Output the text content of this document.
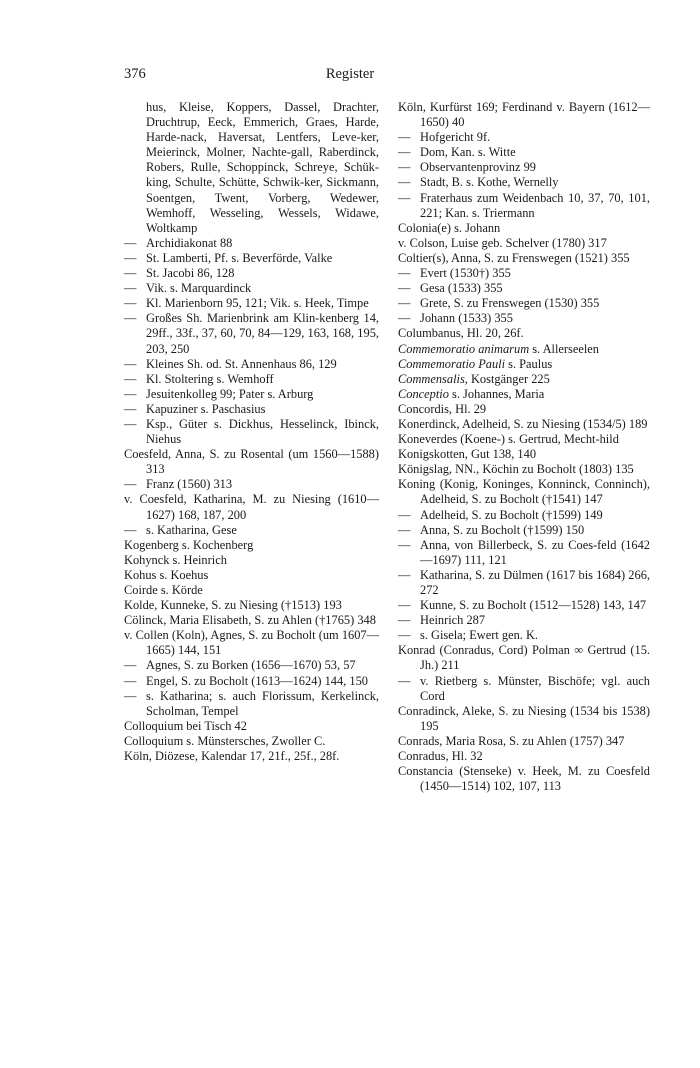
376	Register
hus, Kleise, Koppers, Dassel, Drachter, Druchtrup, Eeck, Emmerich, Graes, Harde, Harde-nack, Haversat, Lentfers, Leve-ker, Meierinck, Molner, Nachte-gall, Raberdinck, Robers, Rulle, Schoppinck, Schreye, Schük-king, Schulte, Schütte, Schwik-ker, Sickmann, Soentgen, Twent, Vorberg, Wedewer, Wemhoff, Wesseling, Wessels, Widawe, Woltkamp
— Archidiakonat 88
— St. Lamberti, Pf. s. Beverförde, Valke
— St. Jacobi 86, 128
— Vik. s. Marquardinck
— Kl. Marienborn 95, 121; Vik. s. Heek, Timpe
— Großes Sh. Marienbrink am Klin-kenberg 14, 29ff., 33f., 37, 60, 70, 84—129, 163, 168, 195, 203, 250
— Kleines Sh. od. St. Annenhaus 86, 129
— Kl. Stoltering s. Wemhoff
— Jesuitenkolleg 99; Pater s. Arburg
— Kapuziner s. Paschasius
— Ksp., Güter s. Dickhus, Hesselinck, Ibinck, Niehus
Coesfeld, Anna, S. zu Rosental (um 1560—1588) 313
— Franz (1560) 313
v. Coesfeld, Katharina, M. zu Niesing (1610—1627) 168, 187, 200
— s. Katharina, Gese
Kogenberg s. Kochenberg
Kohynck s. Heinrich
Kohus s. Koehus
Coirde s. Körde
Kolde, Kunneke, S. zu Niesing (†1513) 193
Cölinck, Maria Elisabeth, S. zu Ahlen (†1765) 348
v. Collen (Koln), Agnes, S. zu Bocholt (um 1607—1665) 144, 151
— Agnes, S. zu Borken (1656—1670) 53, 57
— Engel, S. zu Bocholt (1613—1624) 144, 150
— s. Katharina; s. auch Florissum, Kerkelinck, Scholman, Tempel
Colloquium bei Tisch 42
Colloquium s. Münstersches, Zwoller C.
Köln, Diözese, Kalendar 17, 21f., 25f., 28f.
Köln, Kurfürst 169; Ferdinand v. Bayern (1612—1650) 40
— Hofgericht 9f.
— Dom, Kan. s. Witte
— Observantenprovinz 99
— Stadt, B. s. Kothe, Wernelly
— Fraterhaus zum Weidenbach 10, 37, 70, 101, 221; Kan. s. Triermann
Colonia(e) s. Johann
v. Colson, Luise geb. Schelver (1780) 317
Coltier(s), Anna, S. zu Frenswegen (1521) 355
— Evert (1530†) 355
— Gesa (1533) 355
— Grete, S. zu Frenswegen (1530) 355
— Johann (1533) 355
Columbanus, Hl. 20, 26f.
Commemoratio animarum s. Allerseelen
Commemoratio Pauli s. Paulus
Commensalis, Kostgänger 225
Conceptio s. Johannes, Maria
Concordis, Hl. 29
Konerdinck, Adelheid, S. zu Niesing (1534/5) 189
Koneverdes (Koene-) s. Gertrud, Mecht-hild
Konigskotten, Gut 138, 140
Königslag, NN., Köchin zu Bocholt (1803) 135
Koning (Konig, Koninges, Konninck, Conninch), Adelheid, S. zu Bocholt (†1541) 147
— Adelheid, S. zu Bocholt (†1599) 149
— Anna, S. zu Bocholt (†1599) 150
— Anna, von Billerbeck, S. zu Coes-feld (1642—1697) 111, 121
— Katharina, S. zu Dülmen (1617 bis 1684) 266, 272
— Kunne, S. zu Bocholt (1512—1528) 143, 147
— Heinrich 287
— s. Gisela; Ewert gen. K.
Konrad (Conradus, Cord) Polman ∞ Gertrud (15. Jh.) 211
— v. Rietberg s. Münster, Bischöfe; vgl. auch Cord
Conradinck, Aleke, S. zu Niesing (1534 bis 1538) 195
Conrads, Maria Rosa, S. zu Ahlen (1757) 347
Conradus, Hl. 32
Constancia (Stenseke) v. Heek, M. zu Coesfeld (1450—1514) 102, 107, 113
